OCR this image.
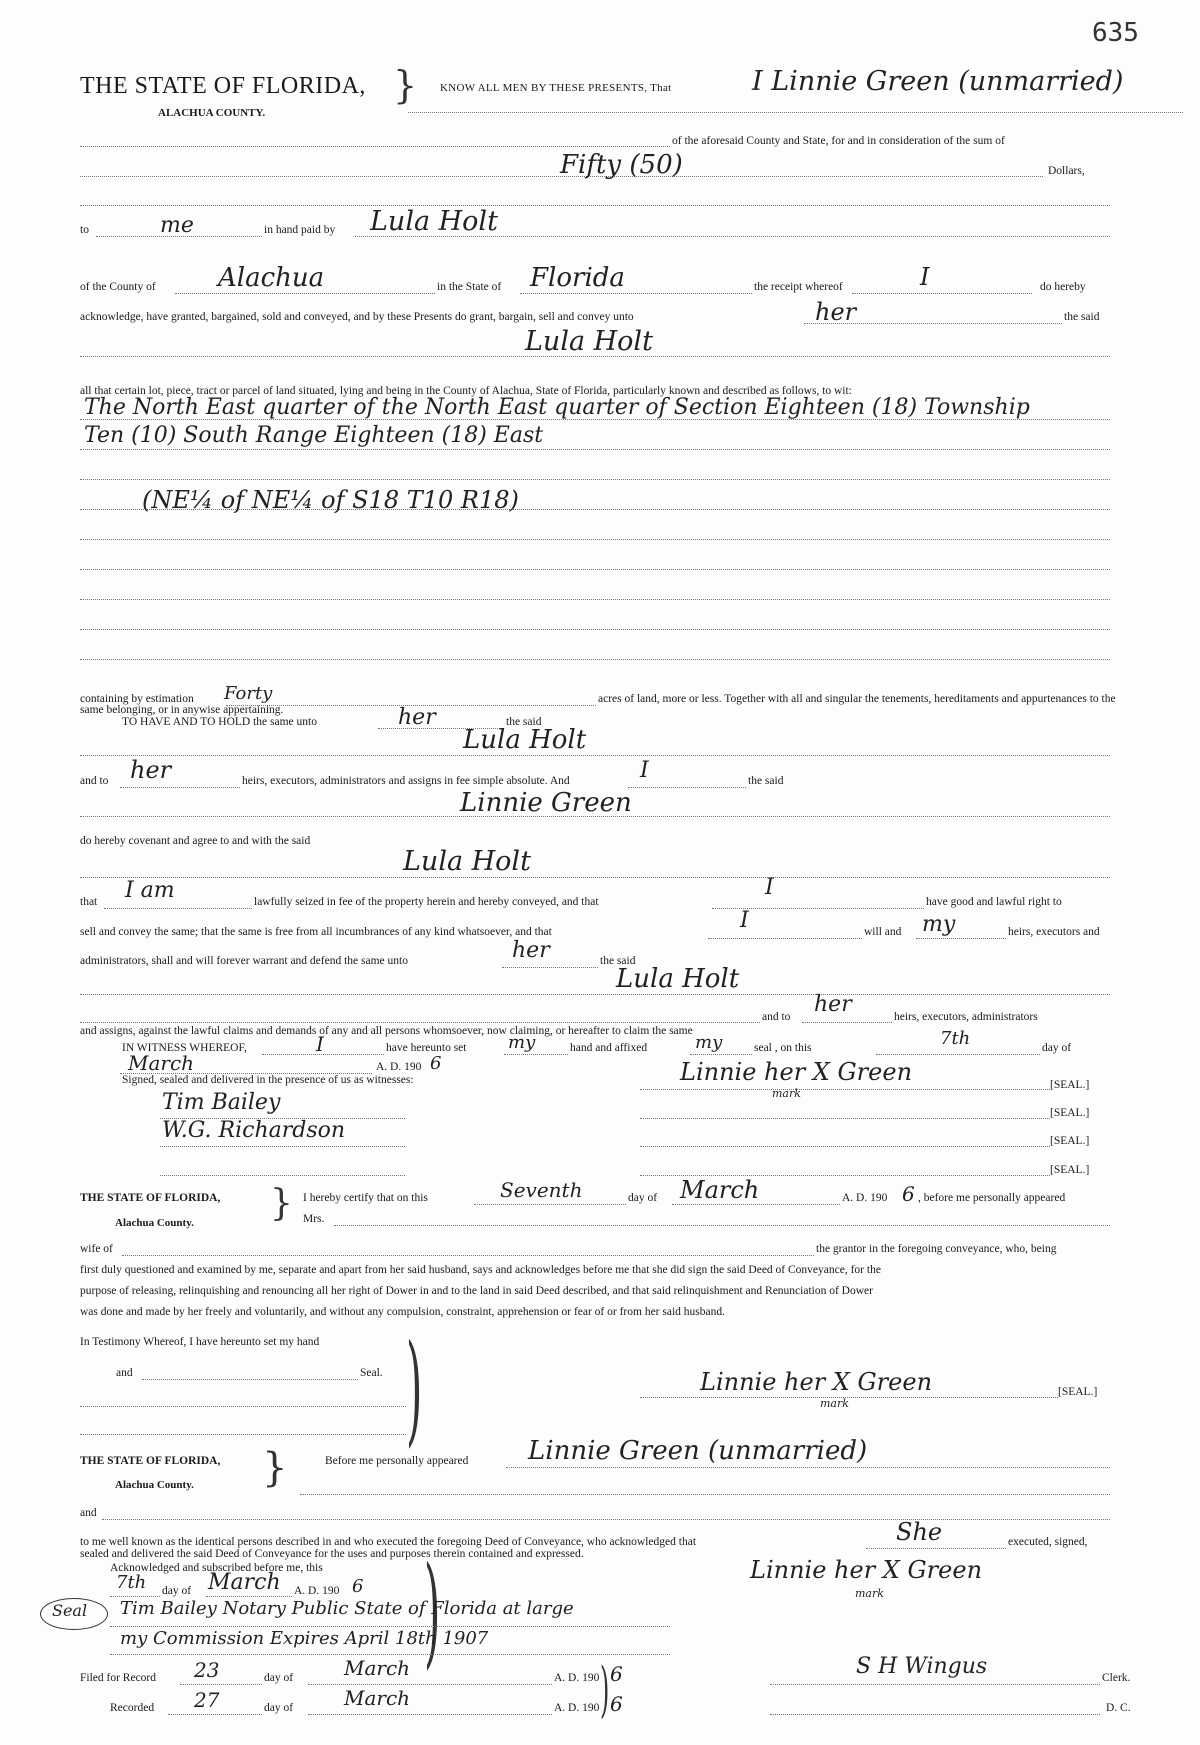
635
THE STATE OF FLORIDA, }
ALACHUA COUNTY.
KNOW ALL MEN BY THESE PRESENTS, That	I Linnie Green (unmarried)
of the aforesaid County and State, for and in consideration of the sum of
Fifty (50)	Dollars,
to	me	in hand paid by Lula Holt
of the County of Alachua	in the State of Florida	the receipt whereof	I	do hereby
acknowledge, have granted, bargained, sold and conveyed, and by these Presents do grant, bargain, sell and convey unto	her	the said
Lula Holt
all that certain lot, piece, tract or parcel of land situated, lying and being in the County of Alachua, State of Florida, particularly known and described as follows, to wit:
The North East quarter of the North East quarter of Section Eighteen (18) Township
Ten (10) South Range Eighteen (18) East
(NE¼ of NE¼ of S18 T10 R18)
containing by estimation Forty	acres of land, more or less. Together with all and singular the tenements, hereditaments and appurtenances to the
same belonging, or in anywise appertaining.
TO HAVE AND TO HOLD the same unto	her	the said
Lula Holt
and to her	heirs, executors, administrators and assigns in fee simple absolute. And	I	the said
Linnie Green
do hereby covenant and agree to and with the said
Lula Holt
that I am	lawfully seized in fee of the property herein and hereby conveyed, and that
I
have good and lawful right to
sell and convey the same; that the same is free from all incumbrances of any kind whatsoever, and that	I	will and my	heirs, executors and
administrators, shall and will forever warrant and defend the same unto	her	the said
Lula Holt
and to her	heirs, executors, administrators
and assigns, against the lawful claims and demands of any and all persons whomsoever, now claiming, or hereafter to claim the same
IN WITNESS WHEREOF,	I	have hereunto set my	hand and affixed	my	seal , on this	7th	day of
March	A. D. 190 6
Signed, sealed and delivered in the presence of us as witnesses:	Linnie her X Green
mark
[SEAL.]
Tim Bailey	[SEAL.]
W.G. Richardson	[SEAL.]
[SEAL.]
THE STATE OF FLORIDA, }
Alachua County.
I hereby certify that on this	Seventh	day of March	A. D. 190 6 , before me personally appeared
Mrs.
wife of	the grantor in the foregoing conveyance, who, being
first duly questioned and examined by me, separate and apart from her said husband, says and acknowledges before me that she did sign the said Deed of Conveyance, for the
purpose of releasing, relinquishing and renouncing all her right of Dower in and to the land in said Deed described, and that said relinquishment and Renunciation of Dower
was done and made by her freely and voluntarily, and without any compulsion, constraint, apprehension or fear of or from her said husband.
In Testimony Whereof, I have hereunto set my hand )
and	Seal.	Linnie her X Green
mark
[SEAL.]
THE STATE OF FLORIDA, }
Alachua County.
Before me personally appeared Linnie Green (unmarried)
and
to me well known as the identical persons described in and who executed the foregoing Deed of Conveyance, who acknowledged that	She	executed, signed,
sealed and delivered the said Deed of Conveyance for the uses and purposes therein contained and expressed.
Acknowledged and subscribed before me, this )
7th day of March A. D. 190 6
Linnie her X Green
mark
Seal Tim Bailey Notary Public State of Florida at large
my Commission Expires April 18th 1907
Filed for Record 23	day of	March	A. D. 190 6
)
Recorded 27	day of	March	A. D. 190 6
S H Wingus	Clerk.
D. C.
